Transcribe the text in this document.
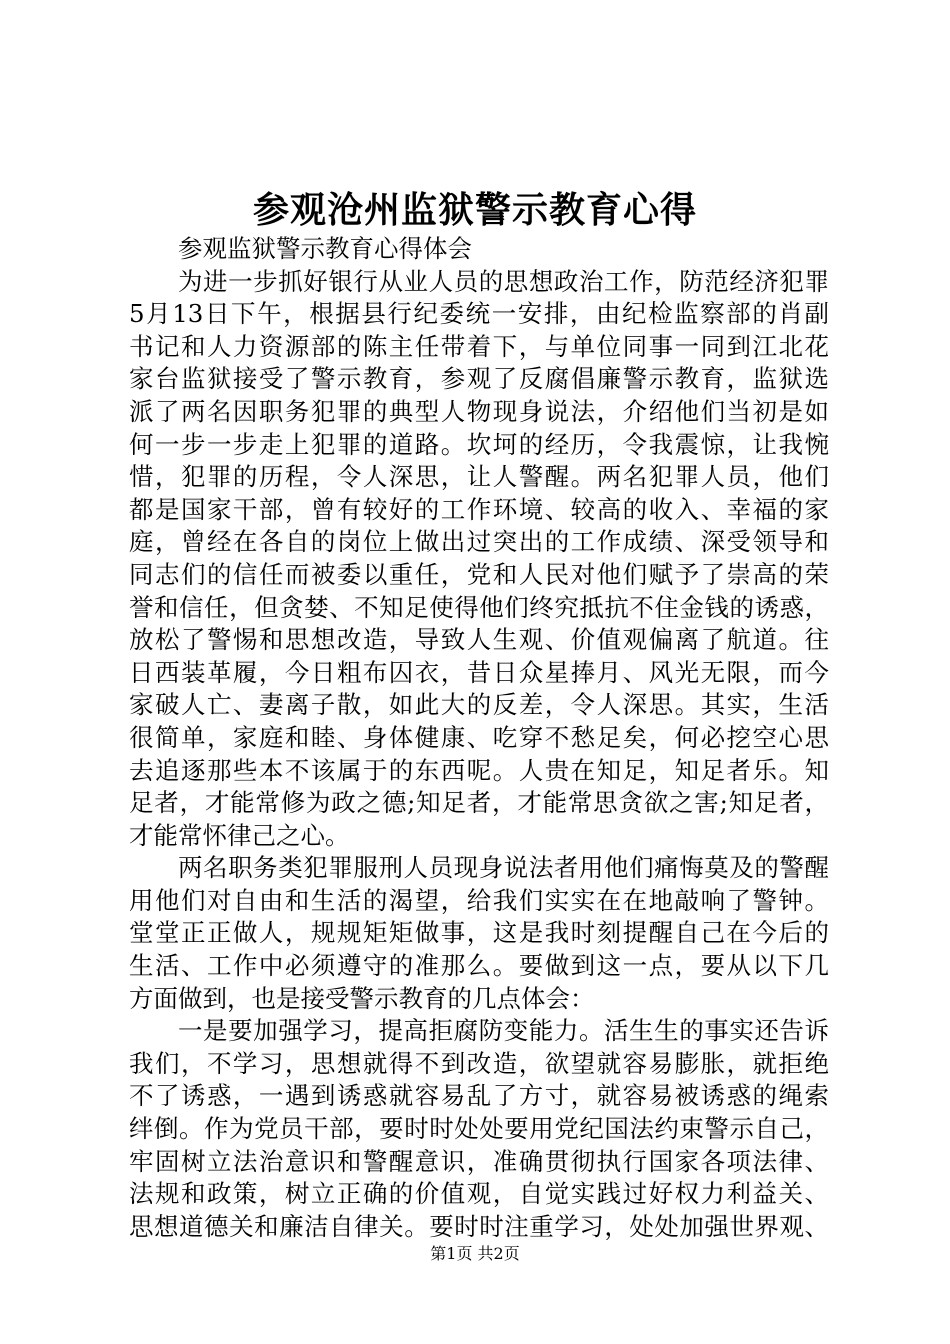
参观沧州监狱警示教育心得
参观监狱警示教育心得体会
为进一步抓好银行从业人员的思想政治工作，防范经济犯罪
5月13日下午，根据县行纪委统一安排，由纪检监察部的肖副
书记和人力资源部的陈主任带着下，与单位同事一同到江北花
家台监狱接受了警示教育，参观了反腐倡廉警示教育，监狱选
派了两名因职务犯罪的典型人物现身说法，介绍他们当初是如
何一步一步走上犯罪的道路。坎坷的经历，令我震惊，让我惋
惜，犯罪的历程，令人深思，让人警醒。两名犯罪人员，他们
都是国家干部，曾有较好的工作环境、较高的收入、幸福的家
庭，曾经在各自的岗位上做出过突出的工作成绩、深受领导和
同志们的信任而被委以重任，党和人民对他们赋予了崇高的荣
誉和信任，但贪婪、不知足使得他们终究抵抗不住金钱的诱惑，
放松了警惕和思想改造，导致人生观、价值观偏离了航道。往
日西装革履，今日粗布囚衣，昔日众星捧月、风光无限，而今
家破人亡、妻离子散，如此大的反差，令人深思。其实，生活
很简单，家庭和睦、身体健康、吃穿不愁足矣，何必挖空心思
去追逐那些本不该属于的东西呢。人贵在知足，知足者乐。知
足者，才能常修为政之德;知足者，才能常思贪欲之害;知足者，
才能常怀律己之心。
两名职务类犯罪服刑人员现身说法者用他们痛悔莫及的警醒
用他们对自由和生活的渴望，给我们实实在在地敲响了警钟。
堂堂正正做人，规规矩矩做事，这是我时刻提醒自己在今后的
生活、工作中必须遵守的准那么。要做到这一点，要从以下几
方面做到，也是接受警示教育的几点体会：
一是要加强学习，提高拒腐防变能力。活生生的事实还告诉
我们，不学习，思想就得不到改造，欲望就容易膨胀，就拒绝
不了诱惑，一遇到诱惑就容易乱了方寸，就容易被诱惑的绳索
绊倒。作为党员干部，要时时处处要用党纪国法约束警示自己，
牢固树立法治意识和警醒意识，准确贯彻执行国家各项法律、
法规和政策，树立正确的价值观，自觉实践过好权力利益关、
思想道德关和廉洁自律关。要时时注重学习，处处加强世界观、
第1页 共2页
